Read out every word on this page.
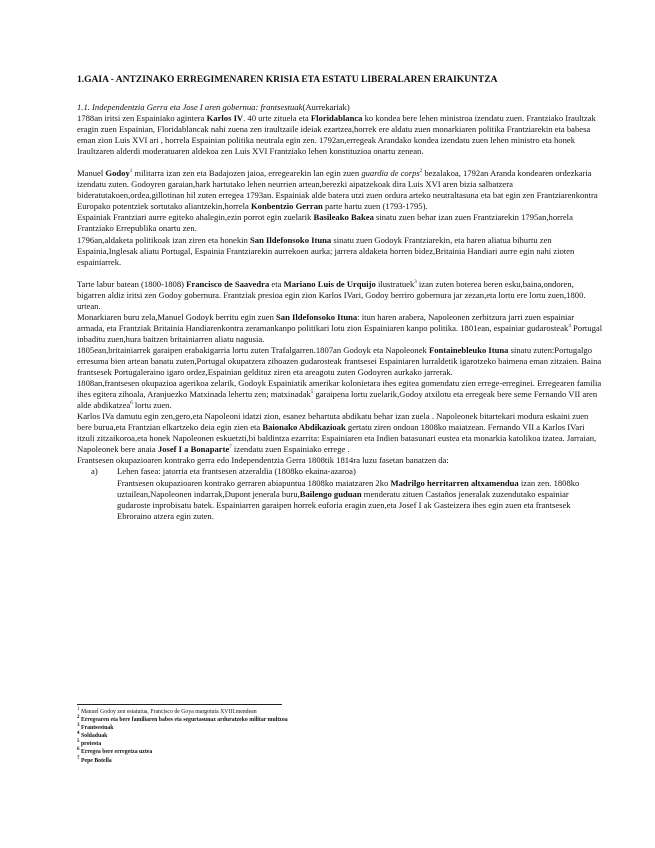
1.GAIA - ANTZINAKO ERREGIMENAREN KRISIA ETA ESTATU LIBERALAREN ERAIKUNTZA

1.1. Independentzia Gerra eta Jose I aren gobernua: frantsestuak(Aurrekariak)

1788an iritsi zen Espainiako agintera Karlos IV. 40 urte zituela eta Floridablanca ko kondea bere lehen ministroa izendatu zuen. Frantziako Iraultzak eragin zuen Espainian, Floridablancak nahi zuena zen iraultzaile ideiak ezartzea,horrek ere aldatu zuen monarkiaren politika Frantziarekin eta babesa eman zion Luis XVI ari , horrela Espainian politika neutrala egin zen. 1792an,erregeak Arandako kondea izendatu zuen lehen ministro eta honek Iraultzaren alderdi moderatuaren aldekoa zen Luis XVI Frantziako lehen konstituzioa onartu zenean.

Manuel Godoy$^1$ militarra izan zen eta Badajozen jaioa, erregearekin lan egin zuen guardia de corps$^2$ bezalakoa, 1792an Aranda kondearen ordezkaria izendatu zuten. Godoyren garaian,hark hartutako lehen neurrien artean,berezki aipatzekoak dira Luis XVI aren bizia salbatzera bideratutakoen,ordea,gillotinan hil zuten erregea 1793an. Espainiak alde batera utzi zuen ordura arteko neutraltasuna eta bat egin zen Frantziarenkontra Europako potentziek sortutako aliantzekin,horrela Konbentzio Gerran parte hartu zuen (1793-1795).

Espainiak Frantziari aurre egiteko ahalegin,ezin porrot egin zuelarik Basileako Bakea sinatu zuen behar izan zuen Frantziarekin 1795an,horrela Frantziako Errepublika onartu zen.

1796an,aldaketa politikoak izan ziren eta honekin San Ildefonsoko Ituna sinatu zuen Godoyk Frantziarekin, eta haren aliatua bihurtu zen Espainia,Inglesak aliatu Portugal, Espainia Frantziarekin aurrekoen aurka; jarrera aldaketa horren bidez,Britainia Handiari aurre egin nahi zioten espainiarrek.

Tarte labur batean (1800-1808) Francisco de Saavedra eta Mariano Luis de Urquijo ilustratuek$^3$ izan zuten boterea beren esku,baina,ondoren, bigarren aldiz iritsi zen Godoy gobernura. Frantziak presioa egin zion Karlos IVari, Godoy berriro gobernura jar zezan,eta lortu ere lortu zuen,1800. urtean.

Monarkiaren buru zela,Manuel Godoyk berritu egin zuen San Ildefonsoko Ituna: itun haren arabera, Napoleonen zerbitzura jarri zuen espainiar armada, eta Frantziak Britainia Handiarenkontra zeramankanpo politikari lotu zion Espainiaren kanpo politika. 1801ean, espainiar gudarosteak$^4$ Portugal inbaditu zuen,hura baitzen britainiarren aliatu nagusia.

1805ean,britainiarrek garaipen erabakigarria lortu zuten Trafalgarren.1807an Godoyk eta Napoleonek Fontainebleuko Ituna sinatu zuten:Portugalgo erresuma bien artean banatu zuten,Portugal okupatzera zihoazen gudarosteak frantsesei Espainiaren lurraldetik igarotzeko baimena eman zitzaien. Baina frantsesek Portugaleraino igaro ordez,Espainian geldituz ziren eta areagotu zuten Godoyren aurkako jarrerak.

1808an,frantsesen okupazioa agerikoa zelarik, Godoyk Espainiatik amerikar kolonietara ihes egitea gomendatu zien errege-erreginei. Erregearen familia ihes egitera zihoala, Aranjuezko Matxinada lehertu zen; matxinadak$^5$ garaipena lortu zuelarik,Godoy atxilotu eta erregeak bere seme Fernando VII aren alde abdikatzea$^6$ lortu zuen.

Karlos IVa damutu egin zen,gero,eta Napoleoni idatzi zion, esanez behartuta abdikatu behar izan zuela . Napoleonek bitartekari modura eskaini zuen bere burua,eta Frantzian elkartzeko deia egin zien eta Baionako Abdikazioak gertatu ziren ondoan 1808ko maiatzean. Fernando VII a Karlos IVari itzuli zitzaikoroa,eta honek Napoleonen eskuetzti,bi baldintza ezarrita: Espainiaren eta Indien batasunari eustea eta monarkia katolikoa izatea. Jarraian, Napoleonek bere anaia Josef I a Bonaparte$^7$ izendatu zuen Espainiako errege .

Frantsesen okupazioaren kontrako gerra edo Independentzia Gerra 1808tik 1814ra luzu fasetan banatzen da:

a) Lehen fasea: jatorria eta frantsesen atzeraldia (1808ko ekaina-azaroa)
Frantsesen okupazioaren kontrako gerraren abiapuntua 1808ko maiatzaren 2ko Madrilgo herritarren altxamendua izan zen. 1808ko uztailean,Napoleonen indarrak,Dupont jenerala buru,Bailengo guduan menderatu zituen Castaños jeneralak zuzendutako espainiar gudaroste inprobisatu batek. Espainiarren garaipen horrek euforia eragin zuen,eta Josef I ak Gasteizera ihes egin zuen eta frantsesek Ebroraino atzera egin zuten.
$^1$ Manuel Godoy zen estatutua, Francisco de Goya margotuta XVIII.mendean
$^2$ Erregearen eta bere familiaren babes eta segurtasunaz arduratzeko militar multzoa
$^3$ Frantsestuak
$^4$ Soldaduak
$^5$ protesta
$^6$ Erregea bere erregetza uztea
$^7$ Pepe Botella
